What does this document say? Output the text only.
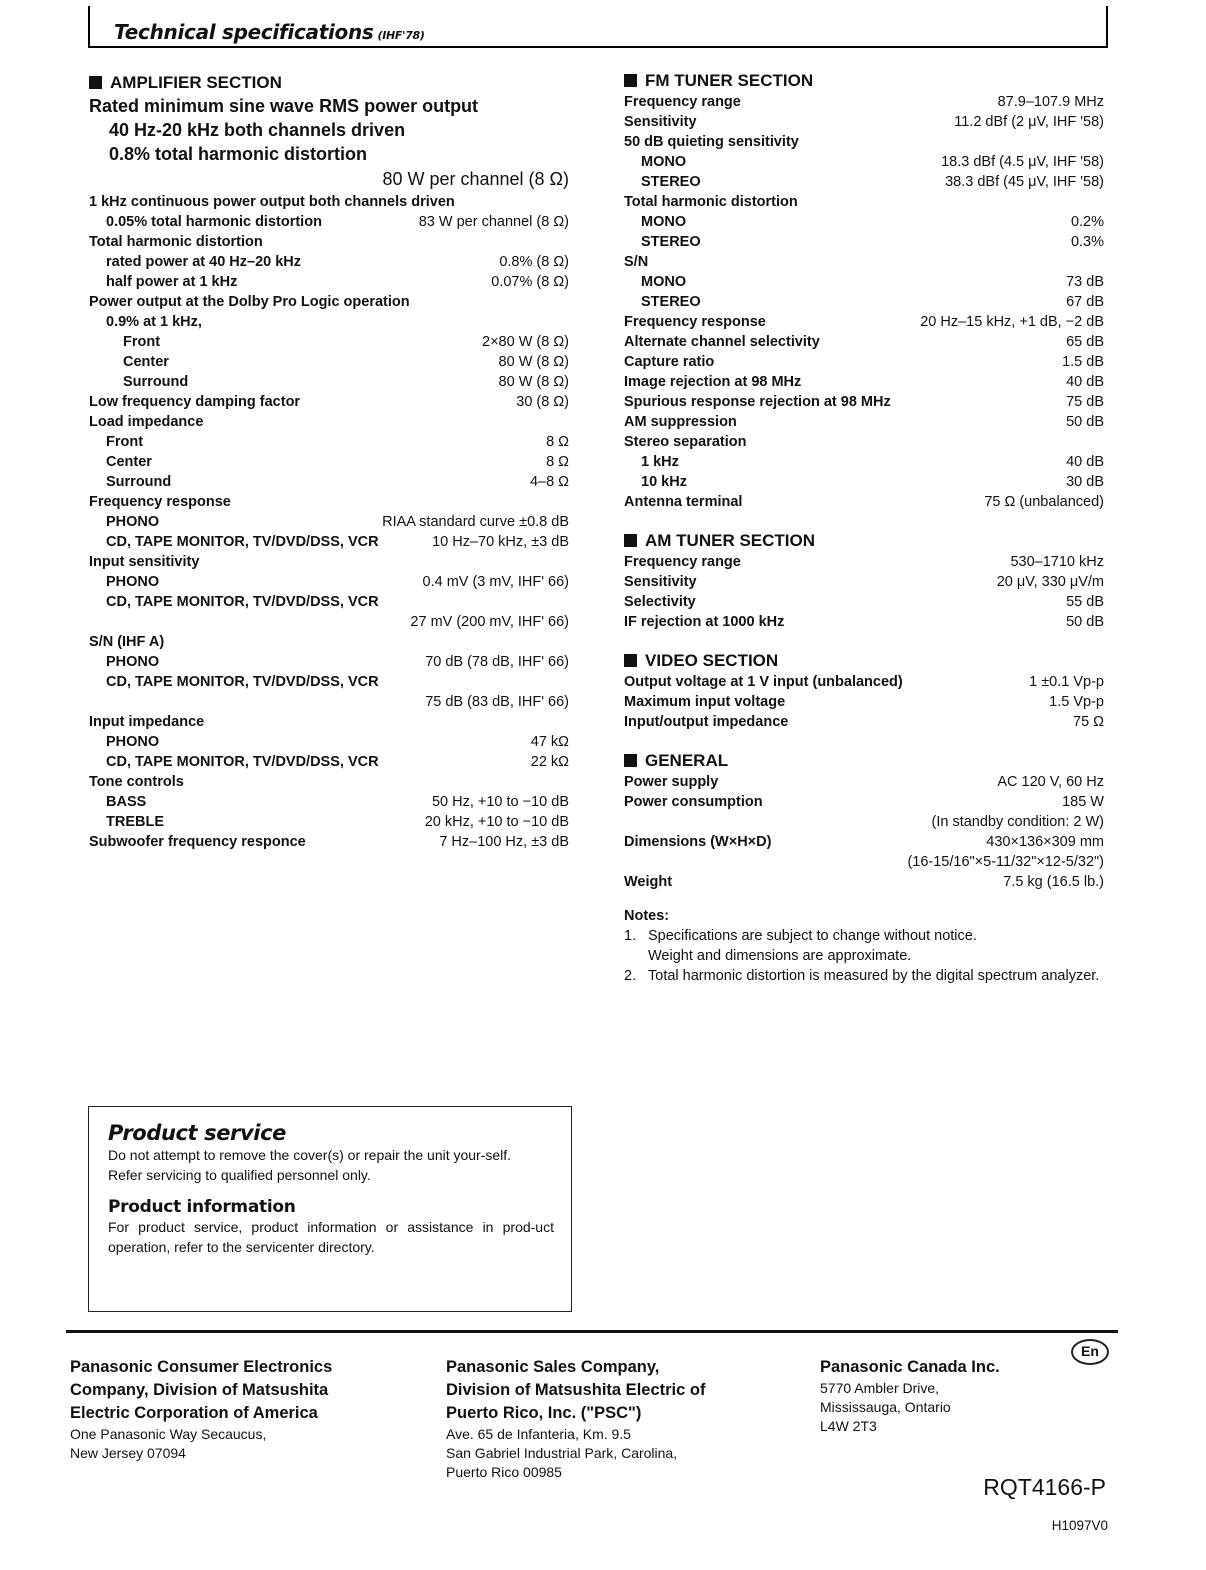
Technical specifications (IHF'78)
AMPLIFIER SECTION
Rated minimum sine wave RMS power output
40 Hz-20 kHz both channels driven
0.8% total harmonic distortion
80 W per channel (8 Ω)
1 kHz continuous power output both channels driven
0.05% total harmonic distortion	83 W per channel (8 Ω)
Total harmonic distortion
rated power at 40 Hz–20 kHz	0.8% (8 Ω)
half power at 1 kHz	0.07% (8 Ω)
Power output at the Dolby Pro Logic operation
0.9% at 1 kHz,
Front	2×80 W (8 Ω)
Center	80 W (8 Ω)
Surround	80 W (8 Ω)
Low frequency damping factor	30 (8 Ω)
Load impedance
Front	8 Ω
Center	8 Ω
Surround	4–8 Ω
Frequency response
PHONO	RIAA standard curve ±0.8 dB
CD, TAPE MONITOR, TV/DVD/DSS, VCR	10 Hz–70 kHz, ±3 dB
Input sensitivity
PHONO	0.4 mV (3 mV, IHF' 66)
CD, TAPE MONITOR, TV/DVD/DSS, VCR
27 mV (200 mV, IHF' 66)
S/N (IHF A)
PHONO	70 dB (78 dB, IHF' 66)
CD, TAPE MONITOR, TV/DVD/DSS, VCR
75 dB (83 dB, IHF' 66)
Input impedance
PHONO	47 kΩ
CD, TAPE MONITOR, TV/DVD/DSS, VCR	22 kΩ
Tone controls
BASS	50 Hz, +10 to −10 dB
TREBLE	20 kHz, +10 to −10 dB
Subwoofer frequency responce	7 Hz–100 Hz, ±3 dB
FM TUNER SECTION
Frequency range	87.9–107.9 MHz
Sensitivity	11.2 dBf (2 μV, IHF '58)
50 dB quieting sensitivity
MONO	18.3 dBf (4.5 μV, IHF '58)
STEREO	38.3 dBf (45 μV, IHF '58)
Total harmonic distortion
MONO	0.2%
STEREO	0.3%
S/N
MONO	73 dB
STEREO	67 dB
Frequency response	20 Hz–15 kHz, +1 dB, −2 dB
Alternate channel selectivity	65 dB
Capture ratio	1.5 dB
Image rejection at 98 MHz	40 dB
Spurious response rejection at 98 MHz	75 dB
AM suppression	50 dB
Stereo separation
1 kHz	40 dB
10 kHz	30 dB
Antenna terminal	75 Ω (unbalanced)
AM TUNER SECTION
Frequency range	530–1710 kHz
Sensitivity	20 μV, 330 μV/m
Selectivity	55 dB
IF rejection at 1000 kHz	50 dB
VIDEO SECTION
Output voltage at 1 V input (unbalanced)	1 ±0.1 Vp-p
Maximum input voltage	1.5 Vp-p
Input/output impedance	75 Ω
GENERAL
Power supply	AC 120 V, 60 Hz
Power consumption	185 W
(In standby condition: 2 W)
Dimensions (W×H×D)	430×136×309 mm
(16-15/16"×5-11/32"×12-5/32")
Weight	7.5 kg (16.5 lb.)
Notes:
1. Specifications are subject to change without notice.
Weight and dimensions are approximate.
2. Total harmonic distortion is measured by the digital spectrum analyzer.
Product service
Do not attempt to remove the cover(s) or repair the unit your-self.
Refer servicing to qualified personnel only.
Product information
For product service, product information or assistance in prod-uct operation, refer to the servicenter directory.
Panasonic Consumer Electronics
Company, Division of Matsushita
Electric Corporation of America
One Panasonic Way Secaucus,
New Jersey 07094
Panasonic Sales Company,
Division of Matsushita Electric of
Puerto Rico, Inc. ("PSC")
Ave. 65 de Infanteria, Km. 9.5
San Gabriel Industrial Park, Carolina,
Puerto Rico 00985
Panasonic Canada Inc.
5770 Ambler Drive,
Mississauga, Ontario
L4W 2T3
En
RQT4166-P
H1097V0
